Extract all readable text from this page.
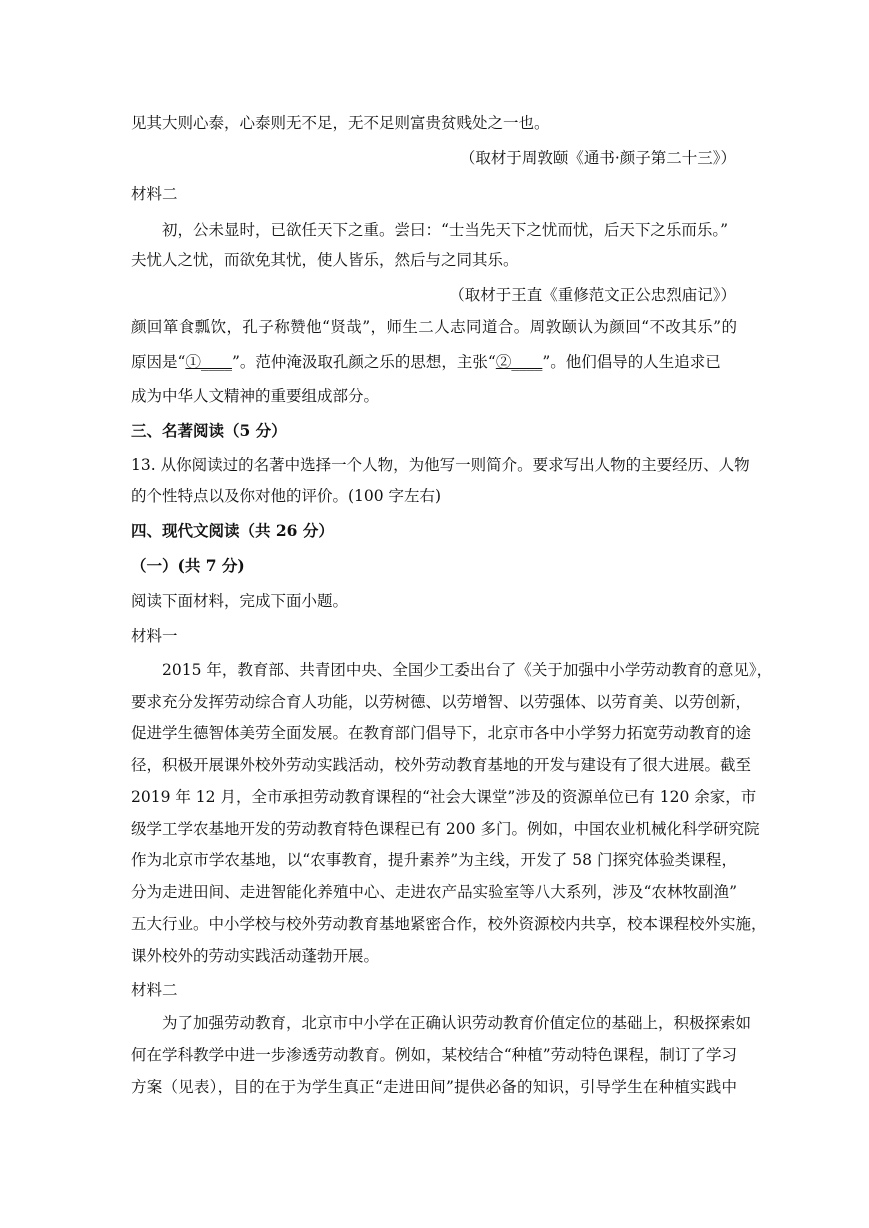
见其大则心泰，心泰则无不足，无不足则富贵贫贱处之一也。
（取材于周敦颐《通书·颜子第二十三》）
材料二
初，公未显时，已欲任天下之重。尝曰：“士当先天下之忧而忧，后天下之乐而乐。”
夫忧人之忧，而欲免其忧，使人皆乐，然后与之同其乐。
（取材于王直《重修范文正公忠烈庙记》）
颜回箪食瓢饮，孔子称赞他“贤哉”，师生二人志同道合。周敦颐认为颜回“不改其乐”的
原因是“①____”。范仲淹汲取孔颜之乐的思想，主张“②____”。他们倡导的人生追求已
成为中华人文精神的重要组成部分。
三、名著阅读（5 分）
13. 从你阅读过的名著中选择一个人物，为他写一则简介。要求写出人物的主要经历、人物
的个性特点以及你对他的评价。(100 字左右)
四、现代文阅读（共 26 分）
（一）(共 7 分)
阅读下面材料，完成下面小题。
材料一
2015 年，教育部、共青团中央、全国少工委出台了《关于加强中小学劳动教育的意见》，
要求充分发挥劳动综合育人功能，以劳树德、以劳增智、以劳强体、以劳育美、以劳创新，
促进学生德智体美劳全面发展。在教育部门倡导下，北京市各中小学努力拓宽劳动教育的途
径，积极开展课外校外劳动实践活动，校外劳动教育基地的开发与建设有了很大进展。截至
2019 年 12 月，全市承担劳动教育课程的“社会大课堂”涉及的资源单位已有 120 余家，市
级学工学农基地开发的劳动教育特色课程已有 200 多门。例如，中国农业机械化科学研究院
作为北京市学农基地，以“农事教育，提升素养”为主线，开发了 58 门探究体验类课程，
分为走进田间、走进智能化养殖中心、走进农产品实验室等八大系列，涉及“农林牧副渔”
五大行业。中小学校与校外劳动教育基地紧密合作，校外资源校内共享，校本课程校外实施，
课外校外的劳动实践活动蓬勃开展。
材料二
为了加强劳动教育，北京市中小学在正确认识劳动教育价值定位的基础上，积极探索如
何在学科教学中进一步渗透劳动教育。例如，某校结合“种植”劳动特色课程，制订了学习
方案（见表），目的在于为学生真正“走进田间”提供必备的知识，引导学生在种植实践中
